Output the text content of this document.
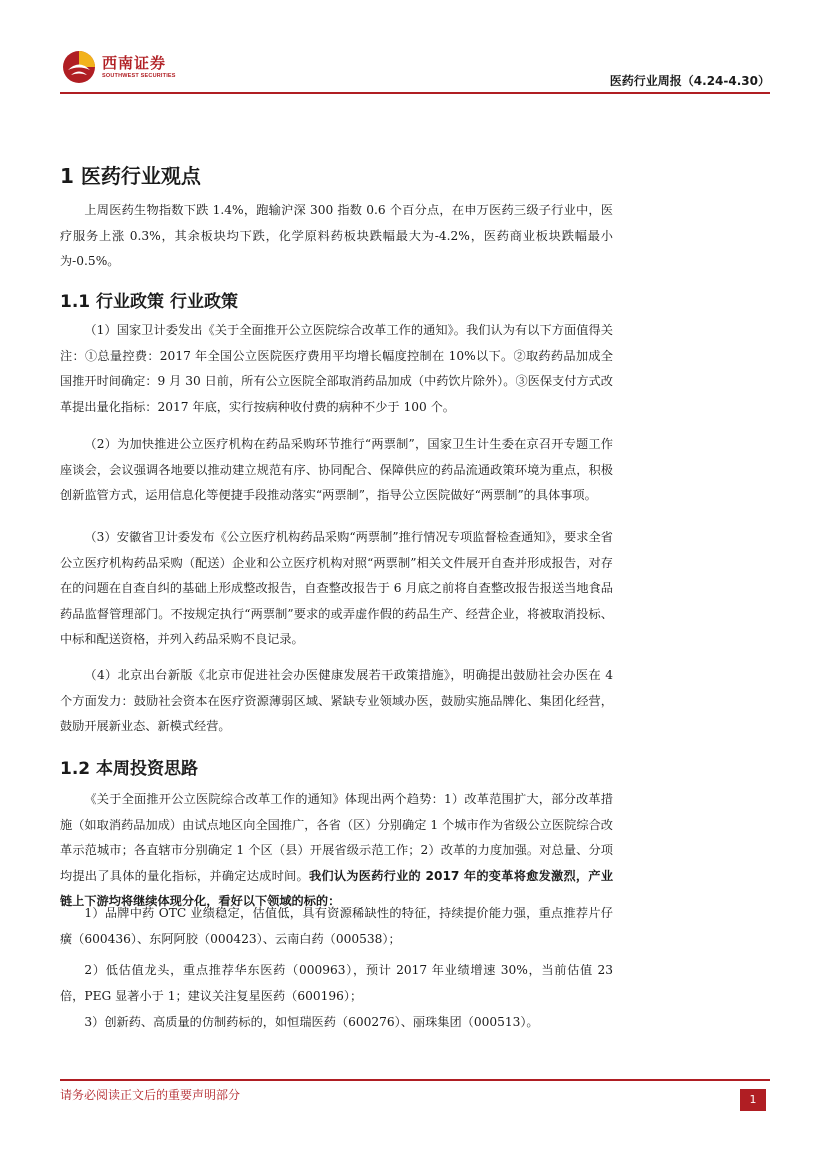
西南证券
SOUTHWEST SECURITIES	医药行业周报（4.24-4.30）
1 医药行业观点

上周医药生物指数下跌 1.4%，跑输沪深 300 指数 0.6 个百分点，在申万医药三级子行业中，医疗服务上涨 0.3%，其余板块均下跌，化学原料药板块跌幅最大为-4.2%，医药商业板块跌幅最小为-0.5%。

1.1 行业政策 行业政策

（1）国家卫计委发出《关于全面推开公立医院综合改革工作的通知》。我们认为有以下方面值得关注：①总量控费：2017 年全国公立医院医疗费用平均增长幅度控制在 10%以下。②取药药品加成全国推开时间确定：9 月 30 日前，所有公立医院全部取消药品加成（中药饮片除外）。③医保支付方式改革提出量化指标：2017 年底，实行按病种收付费的病种不少于 100 个。

（2）为加快推进公立医疗机构在药品采购环节推行“两票制”，国家卫生计生委在京召开专题工作座谈会，会议强调各地要以推动建立规范有序、协同配合、保障供应的药品流通政策环境为重点，积极创新监管方式，运用信息化等便捷手段推动落实“两票制”，指导公立医院做好“两票制”的具体事项。

（3）安徽省卫计委发布《公立医疗机构药品采购“两票制”推行情况专项监督检查通知》，要求全省公立医疗机构药品采购（配送）企业和公立医疗机构对照“两票制”相关文件展开自查并形成报告，对存在的问题在自查自纠的基础上形成整改报告，自查整改报告于 6 月底之前将自查整改报告报送当地食品药品监督管理部门。不按规定执行“两票制”要求的或弄虚作假的药品生产、经营企业，将被取消投标、中标和配送资格，并列入药品采购不良记录。

（4）北京出台新版《北京市促进社会办医健康发展若干政策措施》，明确提出鼓励社会办医在 4 个方面发力：鼓励社会资本在医疗资源薄弱区域、紧缺专业领域办医，鼓励实施品牌化、集团化经营，鼓励开展新业态、新模式经营。

1.2 本周投资思路

《关于全面推开公立医院综合改革工作的通知》体现出两个趋势：1）改革范围扩大，部分改革措施（如取消药品加成）由试点地区向全国推广，各省（区）分别确定 1 个城市作为省级公立医院综合改革示范城市；各直辖市分别确定 1 个区（县）开展省级示范工作；2）改革的力度加强。对总量、分项均提出了具体的量化指标，并确定达成时间。我们认为医药行业的 2017 年的变革将愈发激烈，产业链上下游均将继续体现分化，看好以下领域的标的：

1）品牌中药 OTC 业绩稳定，估值低，具有资源稀缺性的特征，持续提价能力强，重点推荐片仔癀（600436）、东阿阿胶（000423）、云南白药（000538）；

2）低估值龙头，重点推荐华东医药（000963），预计 2017 年业绩增速 30%，当前估值 23 倍，PEG 显著小于 1；建议关注复星医药（600196）；

3）创新药、高质量的仿制药标的，如恒瑞医药（600276）、丽珠集团（000513）。

请务必阅读正文后的重要声明部分	1
